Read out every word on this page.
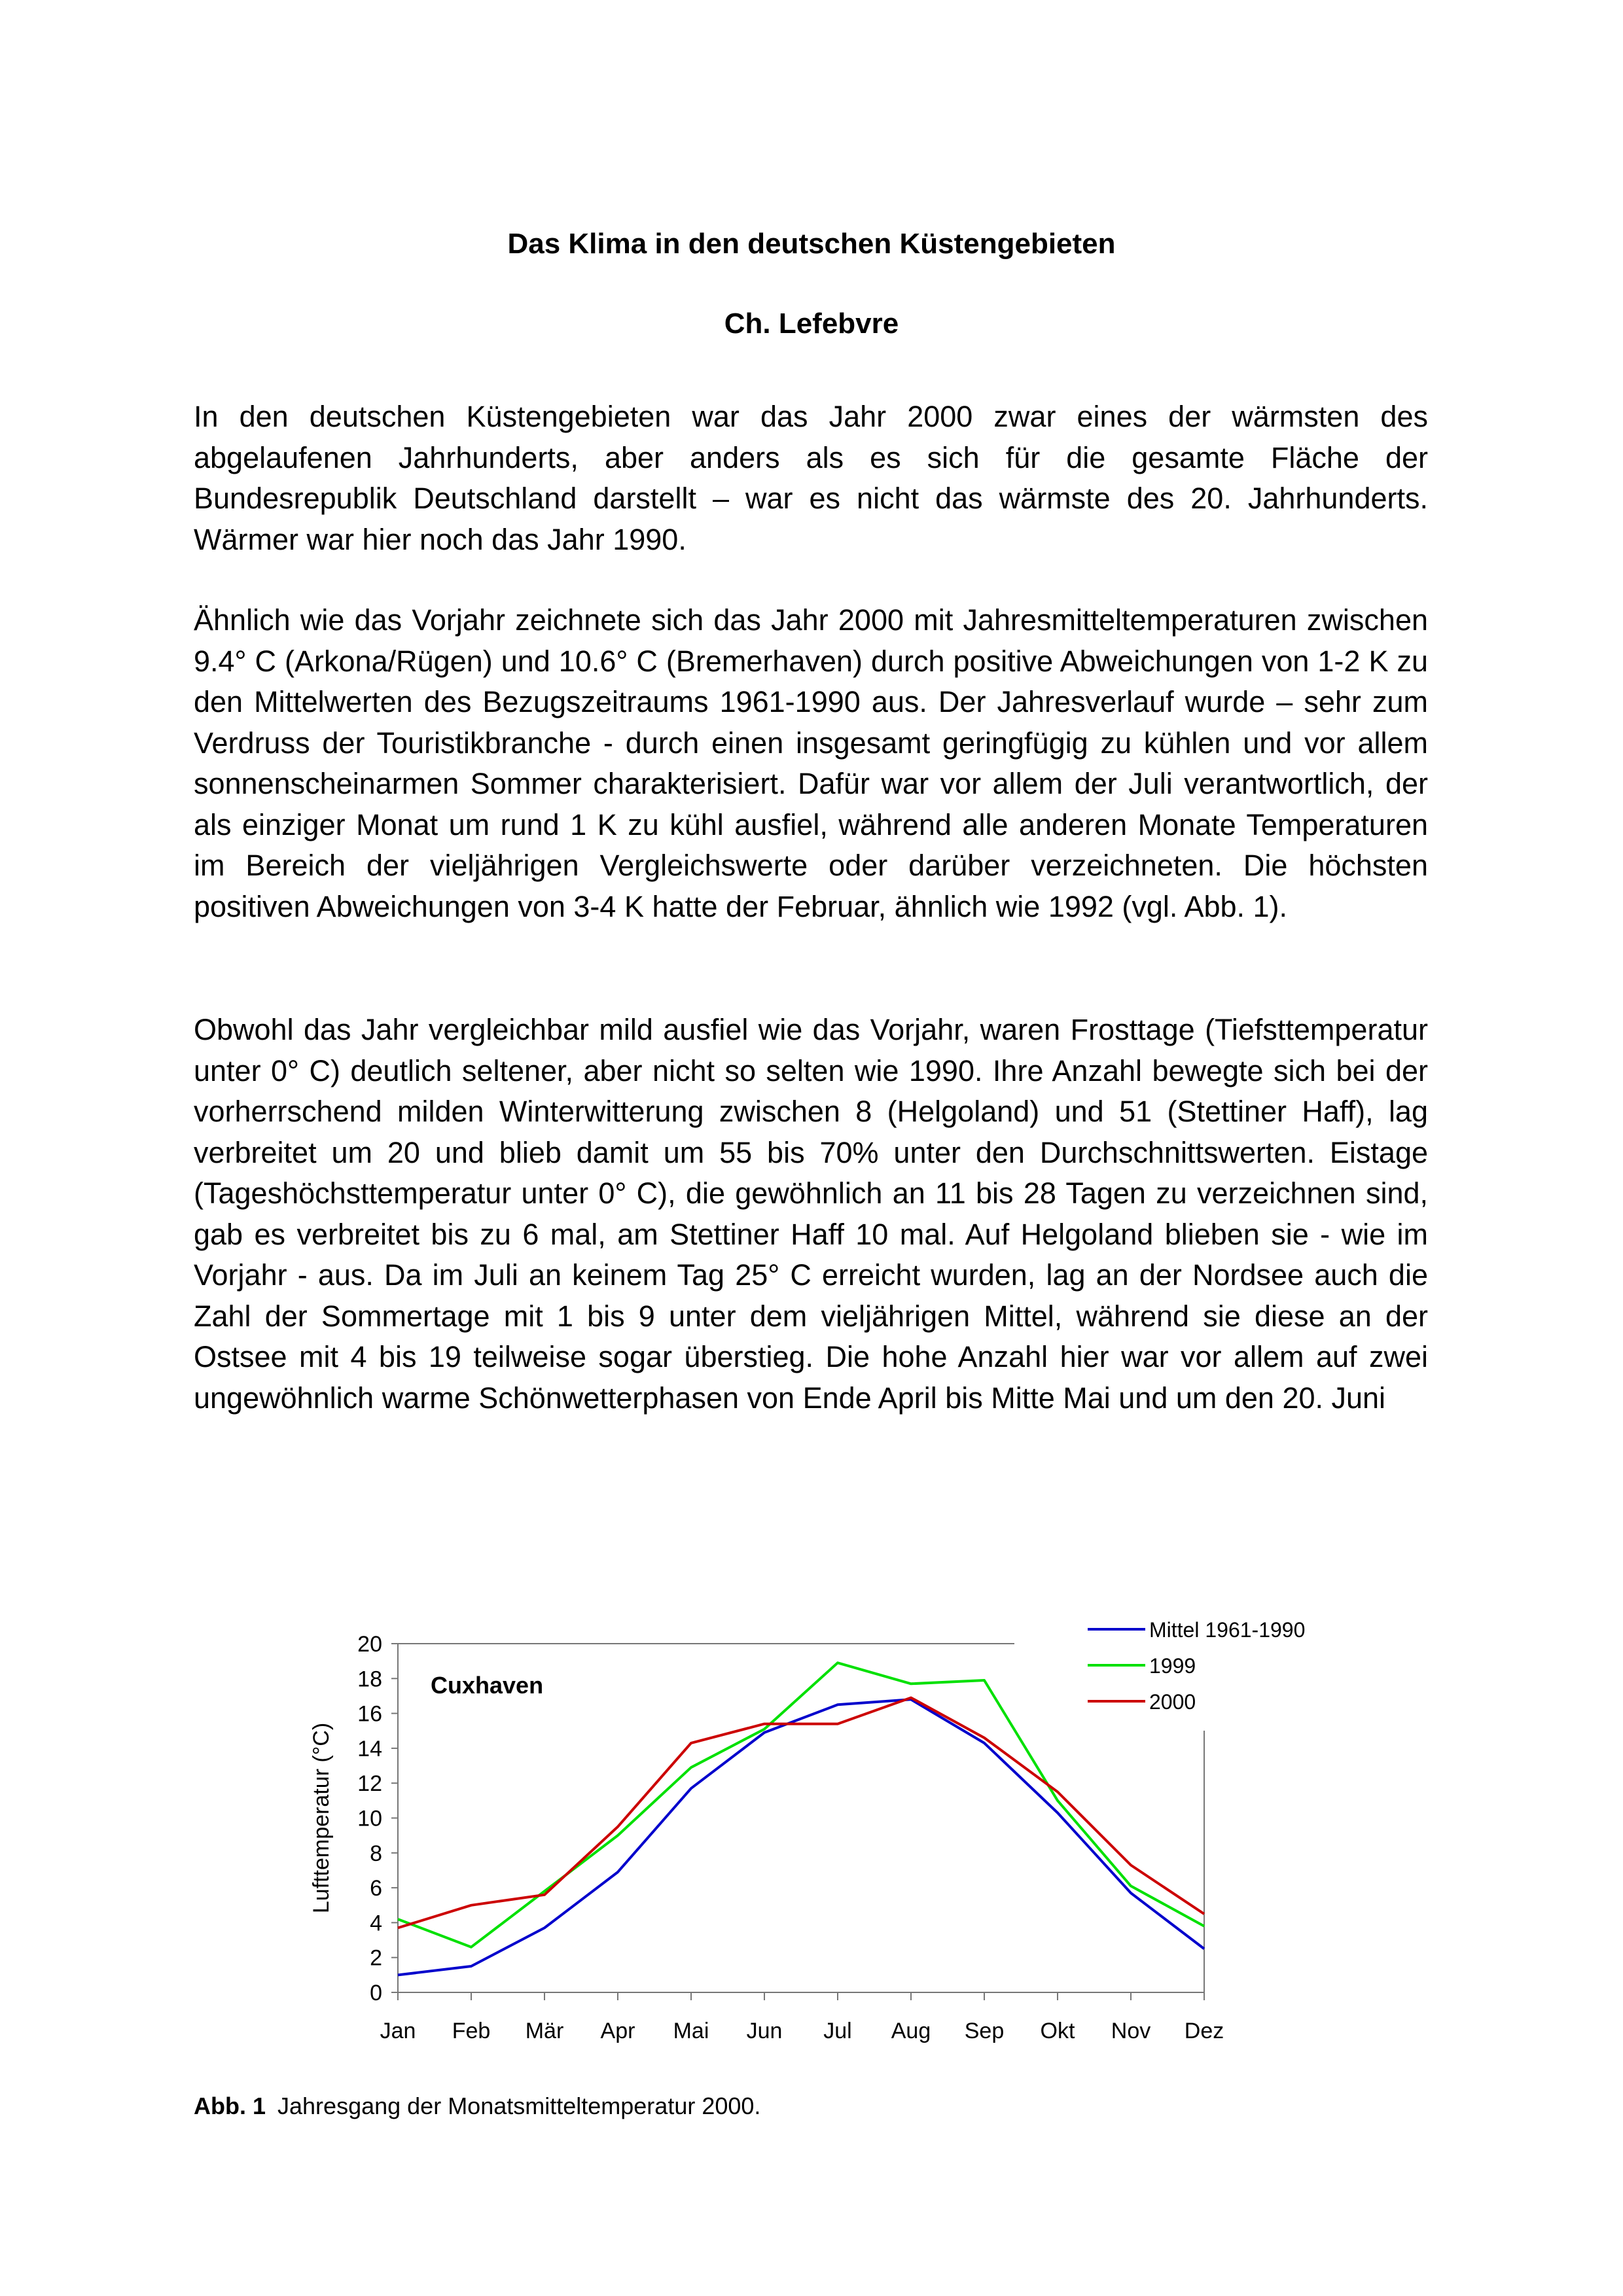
Das Klima in den deutschen Küstengebieten
Ch. Lefebvre

In den deutschen Küstengebieten war das Jahr 2000 zwar eines der wärmsten des abgelaufenen Jahrhunderts, aber anders als es sich für die gesamte Fläche der Bundesrepublik Deutschland darstellt – war es nicht das wärmste des 20. Jahrhunderts. Wärmer war hier noch das Jahr 1990.

Ähnlich wie das Vorjahr zeichnete sich das Jahr 2000 mit Jahresmitteltemperaturen zwischen 9.4° C (Arkona/Rügen) und 10.6° C (Bremerhaven) durch positive Abweichungen von 1-2 K zu den Mittelwerten des Bezugszeitraums 1961-1990 aus. Der Jahresverlauf wurde – sehr zum Verdruss der Touristikbranche - durch einen insgesamt geringfügig zu kühlen und vor allem sonnenscheinarmen Sommer charakterisiert. Dafür war vor allem der Juli verantwortlich, der als einziger Monat um rund 1 K zu kühl ausfiel, während alle anderen Monate Temperaturen im Bereich der vieljährigen Vergleichswerte oder darüber verzeichneten. Die höchsten positiven Abweichungen von 3-4 K hatte der Februar, ähnlich wie 1992 (vgl. Abb. 1).

Obwohl das Jahr vergleichbar mild ausfiel wie das Vorjahr, waren Frosttage (Tiefsttemperatur unter 0° C) deutlich seltener, aber nicht so selten wie 1990. Ihre Anzahl bewegte sich bei der vorherrschend milden Winterwitterung zwischen 8 (Helgoland) und 51 (Stettiner Haff), lag verbreitet um 20 und blieb damit um 55 bis 70% unter den Durchschnittswerten. Eistage (Tageshöchsttemperatur unter 0° C), die gewöhnlich an 11 bis 28 Tagen zu verzeichnen sind, gab es verbreitet bis zu 6 mal, am Stettiner Haff 10 mal. Auf Helgoland blieben sie - wie im Vorjahr - aus. Da im Juli an keinem Tag 25° C erreicht wurden, lag an der Nordsee auch die Zahl der Sommertage mit 1 bis 9 unter dem vieljährigen Mittel, während sie diese an der Ostsee mit 4 bis 19 teilweise sogar überstieg. Die hohe Anzahl hier war vor allem auf zwei ungewöhnlich warme Schönwetterphasen von Ende April bis Mitte Mai und um den 20. Juni

0
2
4
6
8
10
12
14
16
18
20
Jan Feb Mär Apr Mai Jun Jul Aug Sep Okt Nov Dez
Lufttemperatur (°C)
Cuxhaven
Mittel 1961-1990
1999
2000
Abb. 1 Jahresgang der Monatsmitteltemperatur 2000.
